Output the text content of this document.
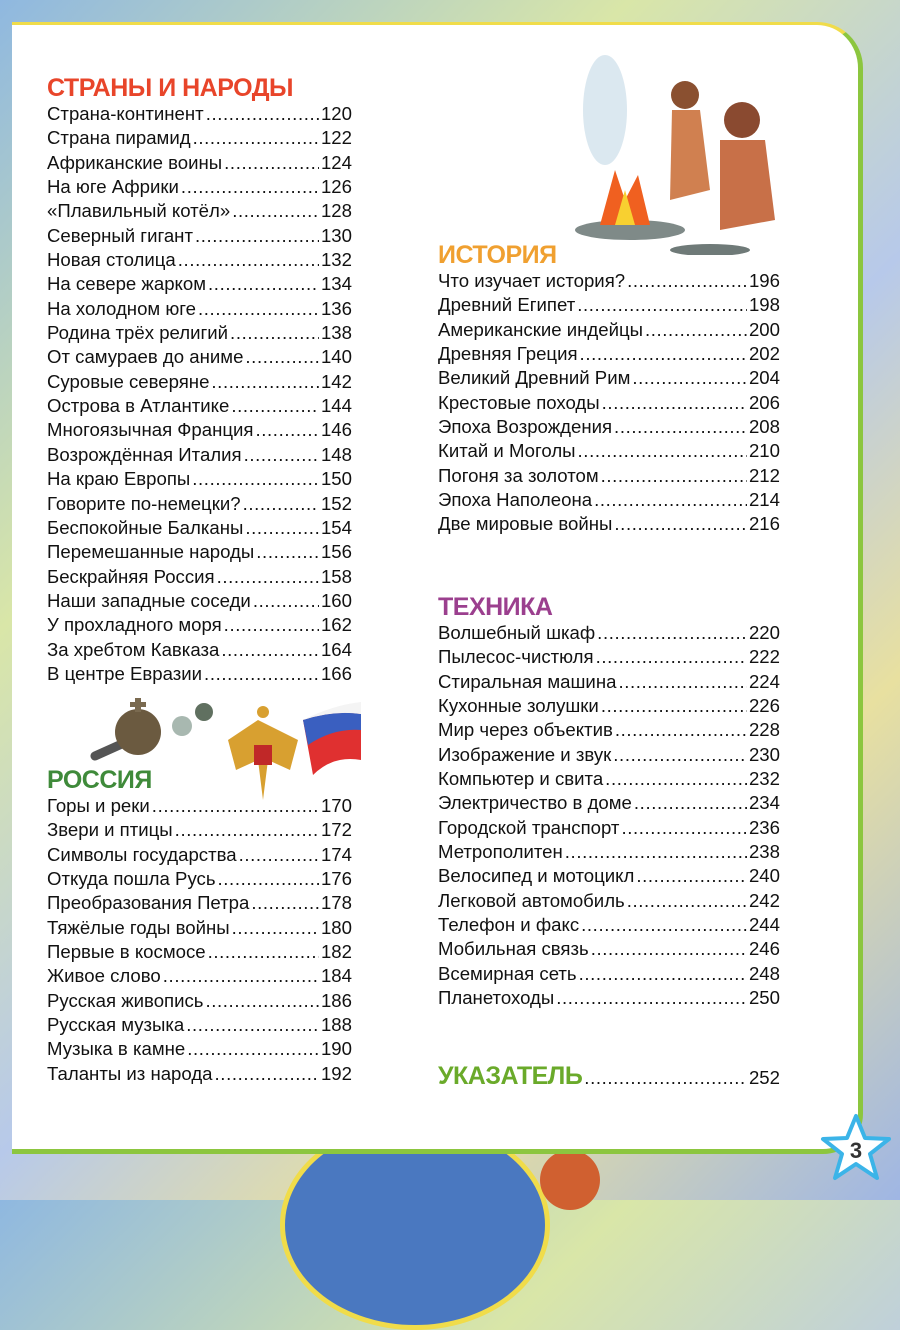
СТРАНЫ И НАРОДЫ
Страна-континент .....	120
Страна пирамид .....	122
Африканские воины .....	124
На юге Африки .....	126
«Плавильный котёл» .....	128
Северный гигант .....	130
Новая столица .....	132
На севере жарком .....	134
На холодном юге .....	136
Родина трёх религий .....	138
От самураев до аниме .....	140
Суровые северяне .....	142
Острова в Атлантике .....	144
Многоязычная Франция .....	146
Возрождённая Италия .....	148
На краю Европы .....	150
Говорите по-немецки? .....	152
Беспокойные Балканы .....	154
Перемешанные народы .....	156
Бескрайняя Россия .....	158
Наши западные соседи .....	160
У прохладного моря .....	162
За хребтом Кавказа .....	164
В центре Евразии .....	166
РОССИЯ
Горы и реки .....	170
Звери и птицы .....	172
Символы государства .....	174
Откуда пошла Русь .....	176
Преобразования Петра .....	178
Тяжёлые годы войны .....	180
Первые в космосе .....	182
Живое слово .....	184
Русская живопись .....	186
Русская музыка .....	188
Музыка в камне .....	190
Таланты из народа .....	192
ИСТОРИЯ
Что изучает история? .....	196
Древний Египет .....	198
Американские индейцы .....	200
Древняя Греция .....	202
Великий Древний Рим .....	204
Крестовые походы .....	206
Эпоха Возрождения .....	208
Китай и Моголы .....	210
Погоня за золотом .....	212
Эпоха Наполеона .....	214
Две мировые войны .....	216
ТЕХНИКА
Волшебный шкаф .....	220
Пылесос-чистюля .....	222
Стиральная машина .....	224
Кухонные золушки .....	226
Мир через объектив .....	228
Изображение и звук .....	230
Компьютер и свита .....	232
Электричество в доме .....	234
Городской транспорт .....	236
Метрополитен .....	238
Велосипед и мотоцикл .....	240
Легковой автомобиль .....	242
Телефон и факс .....	244
Мобильная связь .....	246
Всемирная сеть .....	248
Планетоходы .....	250
УКАЗАТЕЛЬ .....	252
3
